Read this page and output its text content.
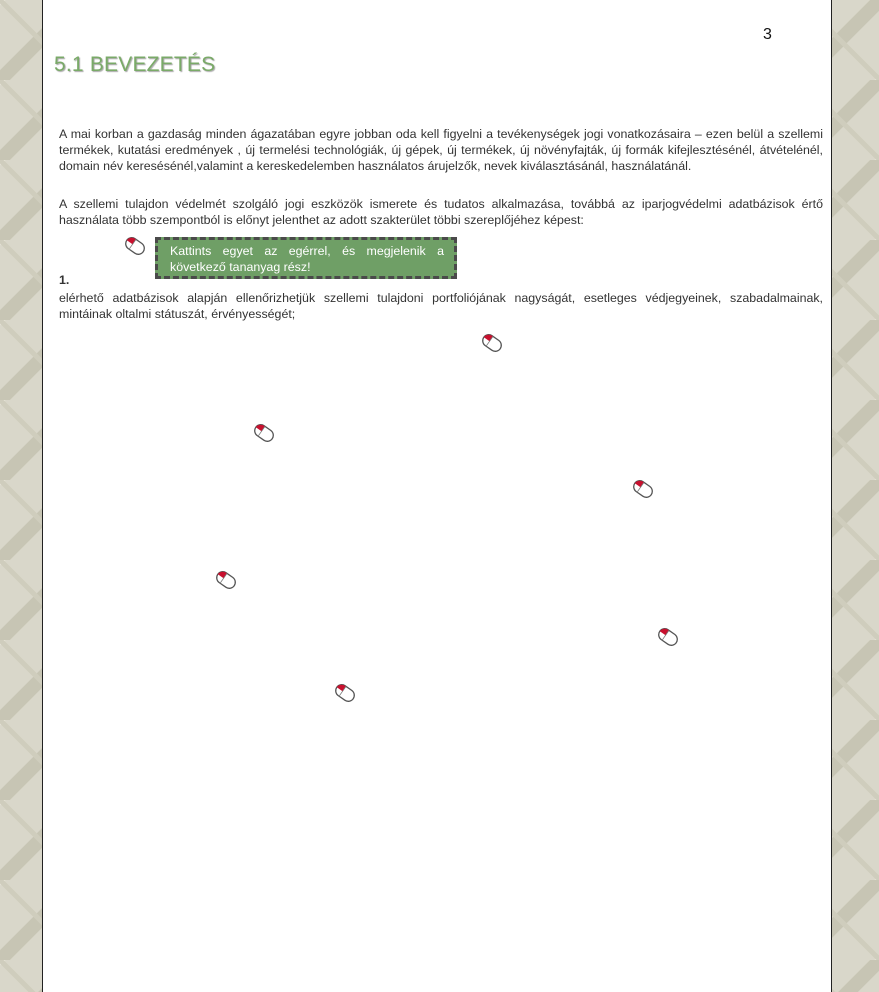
3
5.1 BEVEZETÉS

A mai korban a gazdaság minden ágazatában egyre jobban oda kell figyelni a tevékenységek jogi vonatkozásaira – ezen belül a szellemi termékek, kutatási eredmények , új termelési technológiák, új gépek, új termékek, új növényfajták, új formák kifejlesztésénél, átvételénél, domain név keresésénél,valamint a kereskedelemben használatos árujelzők, nevek kiválasztásánál, használatánál.

A szellemi tulajdon védelmét szolgáló jogi eszközök ismerete és tudatos alkalmazása, továbbá az iparjogvédelmi adatbázisok értő használata több szempontból is előnyt jelenthet az adott szakterület többi szereplőjéhez képest:

Kattints egyet az egérrel, és megjelenik a következő tananyag rész!
1.

elérhető adatbázisok alapján ellenőrizhetjük szellemi tulajdoni portfoliójának nagyságát, esetleges védjegyeinek, szabadalmainak, mintáinak oltalmi státuszát, érvényességét;
